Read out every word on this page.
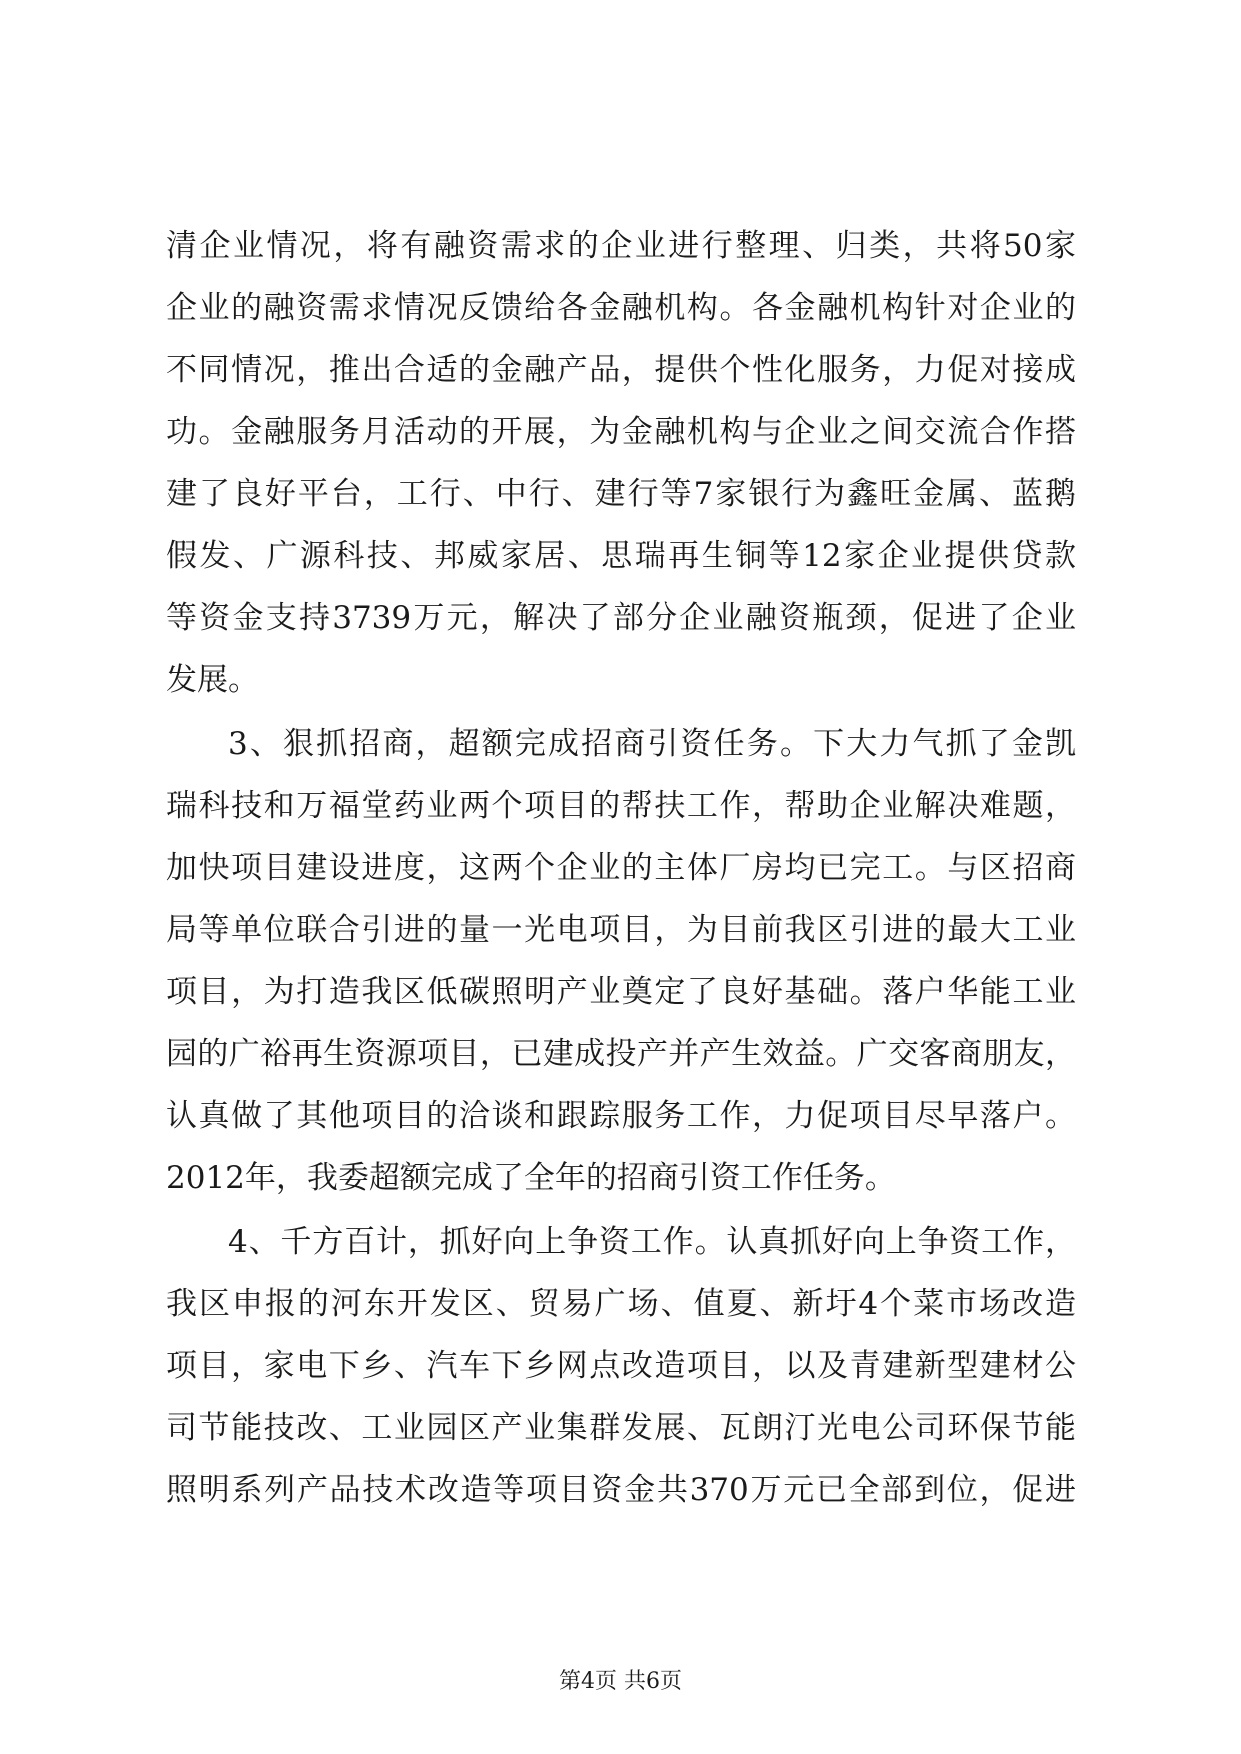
清企业情况，将有融资需求的企业进行整理、归类，共将50家
企业的融资需求情况反馈给各金融机构。各金融机构针对企业的
不同情况，推出合适的金融产品，提供个性化服务，力促对接成
功。金融服务月活动的开展，为金融机构与企业之间交流合作搭
建了良好平台，工行、中行、建行等7家银行为鑫旺金属、蓝鹅
假发、广源科技、邦威家居、思瑞再生铜等12家企业提供贷款
等资金支持3739万元，解决了部分企业融资瓶颈，促进了企业
发展。
3、狠抓招商，超额完成招商引资任务。下大力气抓了金凯
瑞科技和万福堂药业两个项目的帮扶工作，帮助企业解决难题，
加快项目建设进度，这两个企业的主体厂房均已完工。与区招商
局等单位联合引进的量一光电项目，为目前我区引进的最大工业
项目，为打造我区低碳照明产业奠定了良好基础。落户华能工业
园的广裕再生资源项目，已建成投产并产生效益。广交客商朋友，
认真做了其他项目的洽谈和跟踪服务工作，力促项目尽早落户。
2012年，我委超额完成了全年的招商引资工作任务。
4、千方百计，抓好向上争资工作。认真抓好向上争资工作，
我区申报的河东开发区、贸易广场、值夏、新圩4个菜市场改造
项目，家电下乡、汽车下乡网点改造项目，以及青建新型建材公
司节能技改、工业园区产业集群发展、瓦朗汀光电公司环保节能
照明系列产品技术改造等项目资金共370万元已全部到位，促进
第4页 共6页
